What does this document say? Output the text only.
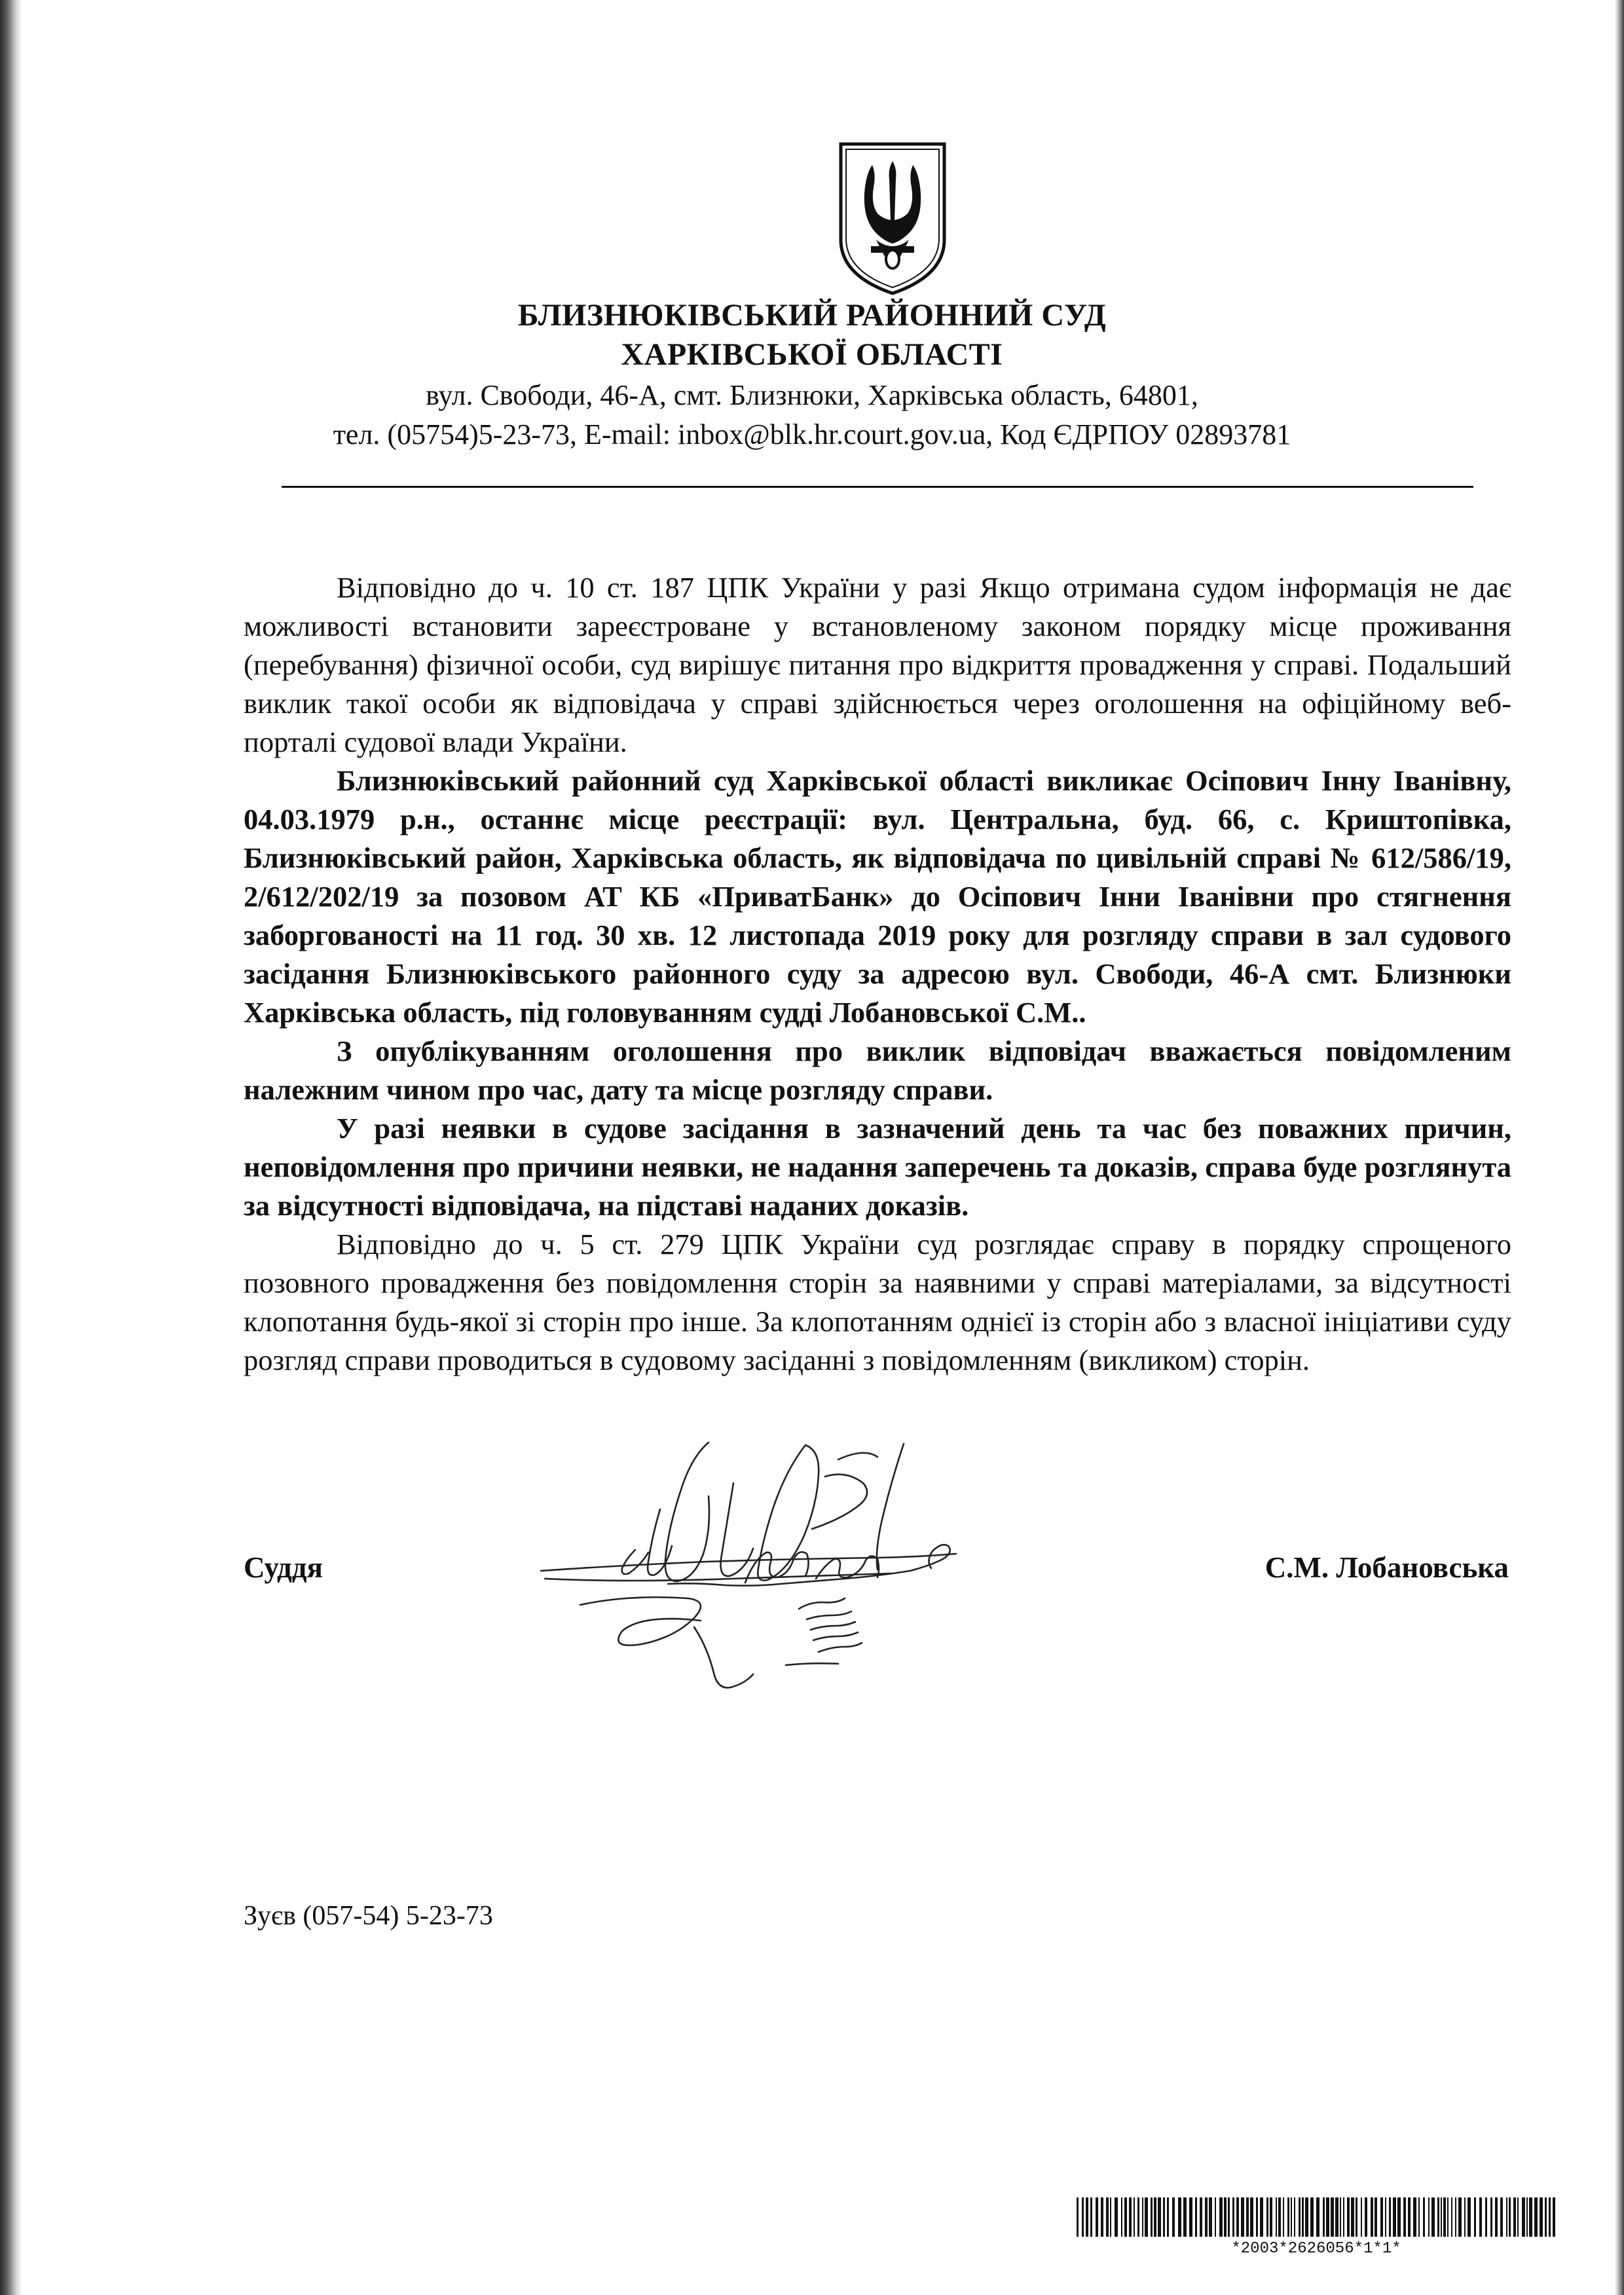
БЛИЗНЮКІВСЬКИЙ РАЙОННИЙ СУД
ХАРКІВСЬКОЇ ОБЛАСТІ
вул. Свободи, 46-А, смт. Близнюки, Харківська область, 64801,
тел. (05754)5-23-73, E-mail: inbox@blk.hr.court.gov.ua, Код ЄДРПОУ 02893781

Відповідно до ч. 10 ст. 187 ЦПК України у разі Якщо отримана судом інформація не дає можливості встановити зареєстроване у встановленому законом порядку місце проживання (перебування) фізичної особи, суд вирішує питання про відкриття провадження у справі. Подальший виклик такої особи як відповідача у справі здійснюється через оголошення на офіційному веб-порталі судової влади України.

Близнюківський районний суд Харківської області викликає Осіпович Інну Іванівну, 04.03.1979 р.н., останнє місце реєстрації: вул. Центральна, буд. 66, с. Криштопівка, Близнюківський район, Харківська область, як відповідача по цивільній справі № 612/586/19, 2/612/202/19 за позовом АТ КБ «ПриватБанк» до Осіпович Інни Іванівни про стягнення заборгованості на 11 год. 30 хв. 12 листопада 2019 року для розгляду справи в зал судового засідання Близнюківського районного суду за адресою вул. Свободи, 46-А смт. Близнюки Харківська область, під головуванням судді Лобановської С.М..

З опублікуванням оголошення про виклик відповідач вважається повідомленим належним чином про час, дату та місце розгляду справи.

У разі неявки в судове засідання в зазначений день та час без поважних причин, неповідомлення про причини неявки, не надання заперечень та доказів, справа буде розглянута за відсутності відповідача, на підставі наданих доказів.

Відповідно до ч. 5 ст. 279 ЦПК України суд розглядає справу в порядку спрощеного позовного провадження без повідомлення сторін за наявними у справі матеріалами, за відсутності клопотання будь-якої зі сторін про інше. За клопотанням однієї із сторін або з власної ініціативи суду розгляд справи проводиться в судовому засіданні з повідомленням (викликом) сторін.

Суддя	С.М. Лобановська
Зуєв (057-54) 5-23-73
*2003*2626056*1*1*
